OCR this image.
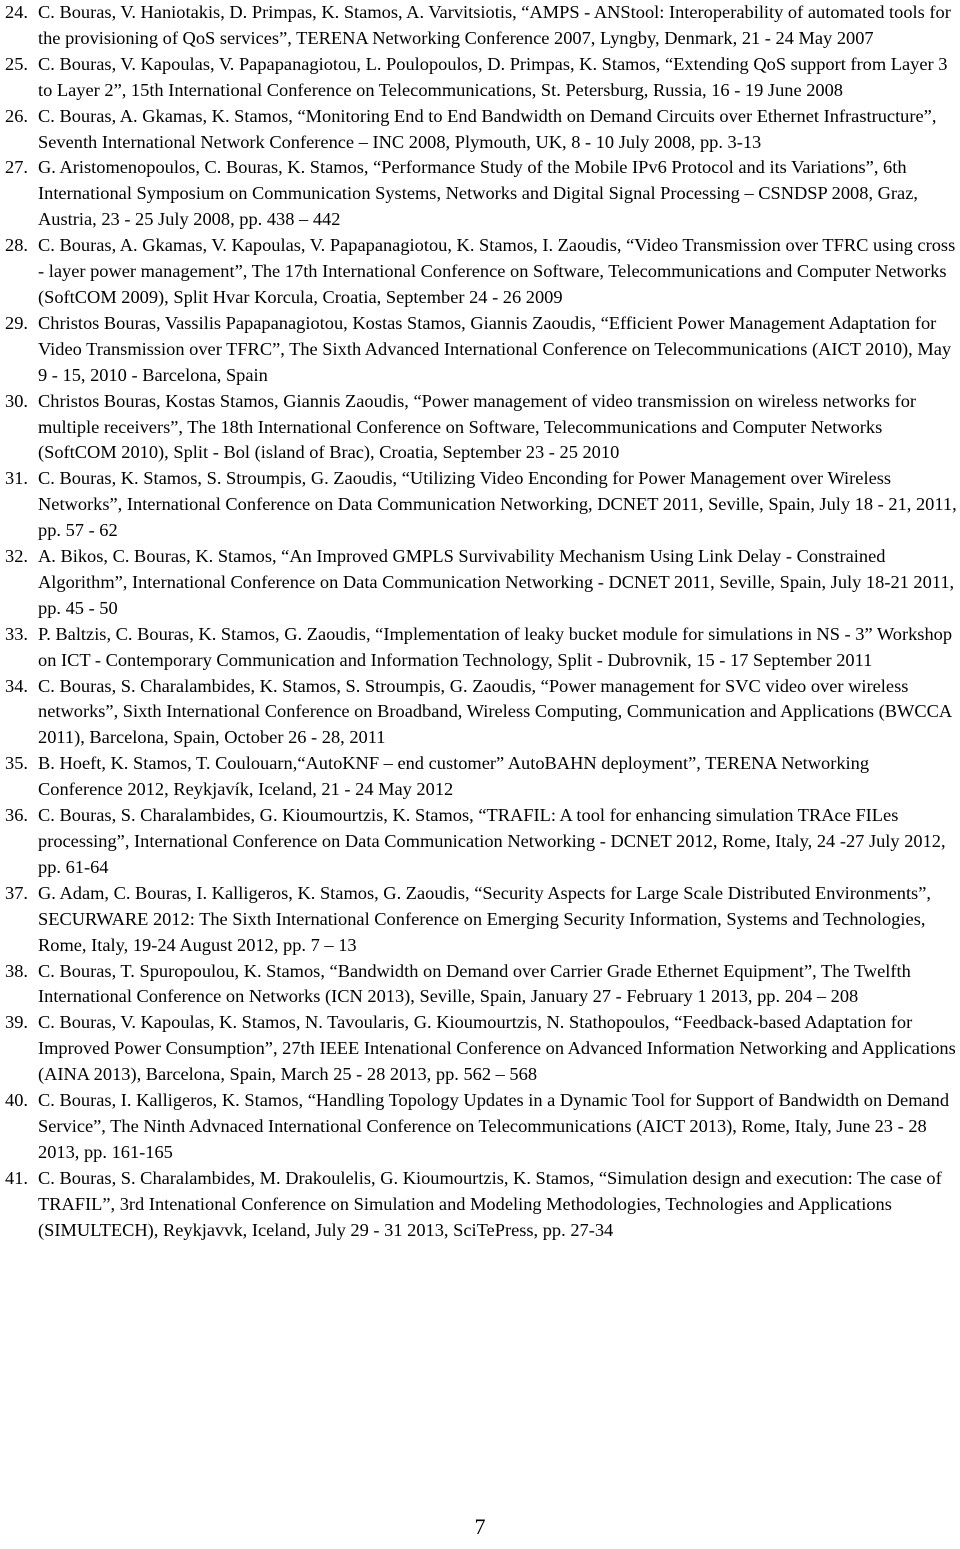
24. C. Bouras, V. Haniotakis, D. Primpas, K. Stamos, A. Varvitsiotis, “AMPS - ANStool: Interoperability of automated tools for the provisioning of QoS services”, TERENA Networking Conference 2007, Lyngby, Denmark, 21 - 24 May 2007
25. C. Bouras, V. Kapoulas, V. Papapanagiotou, L. Poulopoulos, D. Primpas, K. Stamos, “Extending QoS support from Layer 3 to Layer 2”, 15th International Conference on Telecommunications, St. Petersburg, Russia, 16 - 19 June 2008
26. C. Bouras, A. Gkamas, K. Stamos, “Monitoring End to End Bandwidth on Demand Circuits over Ethernet Infrastructure”, Seventh International Network Conference – INC 2008, Plymouth, UK, 8 - 10 July 2008, pp. 3-13
27. G. Aristomenopoulos, C. Bouras, K. Stamos, “Performance Study of the Mobile IPv6 Protocol and its Variations”, 6th International Symposium on Communication Systems, Networks and Digital Signal Processing – CSNDSP 2008, Graz, Austria, 23 - 25 July 2008, pp. 438 – 442
28. C. Bouras, A. Gkamas, V. Kapoulas, V. Papapanagiotou, K. Stamos, I. Zaoudis, “Video Transmission over TFRC using cross - layer power management”, The 17th International Conference on Software, Telecommunications and Computer Networks (SoftCOM 2009), Split Hvar Korcula, Croatia, September 24 - 26 2009
29. Christos Bouras, Vassilis Papapanagiotou, Kostas Stamos, Giannis Zaoudis, “Efficient Power Management Adaptation for Video Transmission over TFRC”, The Sixth Advanced International Conference on Telecommunications (AICT 2010), May 9 - 15, 2010 - Barcelona, Spain
30. Christos Bouras, Kostas Stamos, Giannis Zaoudis, “Power management of video transmission on wireless networks for multiple receivers”, The 18th International Conference on Software, Telecommunications and Computer Networks (SoftCOM 2010), Split - Bol (island of Brac), Croatia, September 23 - 25 2010
31. C. Bouras, K. Stamos, S. Stroumpis, G. Zaoudis, “Utilizing Video Enconding for Power Management over Wireless Networks”, International Conference on Data Communication Networking, DCNET 2011, Seville, Spain, July 18 - 21, 2011, pp. 57 - 62
32. A. Bikos, C. Bouras, K. Stamos, “An Improved GMPLS Survivability Mechanism Using Link Delay - Constrained Algorithm”, International Conference on Data Communication Networking - DCNET 2011, Seville, Spain, July 18-21 2011, pp. 45 - 50
33. P. Baltzis, C. Bouras, K. Stamos, G. Zaoudis, “Implementation of leaky bucket module for simulations in NS - 3” Workshop on ICT - Contemporary Communication and Information Technology, Split - Dubrovnik, 15 - 17 September 2011
34. C. Bouras, S. Charalambides, K. Stamos, S. Stroumpis, G. Zaoudis, “Power management for SVC video over wireless networks”, Sixth International Conference on Broadband, Wireless Computing, Communication and Applications (BWCCA 2011), Barcelona, Spain, October 26 - 28, 2011
35. B. Hoeft, K. Stamos, T. Coulouarn,“AutoKNF – end customer” AutoBAHN deployment”, TERENA Networking Conference 2012, Reykjavík, Iceland, 21 - 24 May 2012
36. C. Bouras, S. Charalambides, G. Kioumourtzis, K. Stamos, “TRAFIL: A tool for enhancing simulation TRAce FILes processing”, International Conference on Data Communication Networking - DCNET 2012, Rome, Italy, 24 -27 July 2012, pp. 61-64
37. G. Adam, C. Bouras, I. Kalligeros, K. Stamos, G. Zaoudis, “Security Aspects for Large Scale Distributed Environments”, SECURWARE 2012: The Sixth International Conference on Emerging Security Information, Systems and Technologies, Rome, Italy, 19-24 August 2012, pp. 7 – 13
38. C. Bouras, T. Spuropoulou, K. Stamos, “Bandwidth on Demand over Carrier Grade Ethernet Equipment”, The Twelfth International Conference on Networks (ICN 2013), Seville, Spain, January 27 - February 1 2013, pp. 204 – 208
39. C. Bouras, V. Kapoulas, K. Stamos, N. Tavoularis, G. Kioumourtzis, N. Stathopoulos, “Feedback-based Adaptation for Improved Power Consumption”, 27th IEEE Intenational Conference on Advanced Information Networking and Applications (AINA 2013), Barcelona, Spain, March 25 - 28 2013, pp. 562 – 568
40. C. Bouras, I. Kalligeros, K. Stamos, “Handling Topology Updates in a Dynamic Tool for Support of Bandwidth on Demand Service”, The Ninth Advnaced International Conference on Telecommunications (AICT 2013), Rome, Italy, June 23 - 28 2013, pp. 161-165
41. C. Bouras, S. Charalambides, M. Drakoulelis, G. Kioumourtzis, K. Stamos, “Simulation design and execution: The case of TRAFIL”, 3rd Intenational Conference on Simulation and Modeling Methodologies, Technologies and Applications (SIMULTECH), Reykjavvk, Iceland, July 29 - 31 2013, SciTePress, pp. 27-34
7
